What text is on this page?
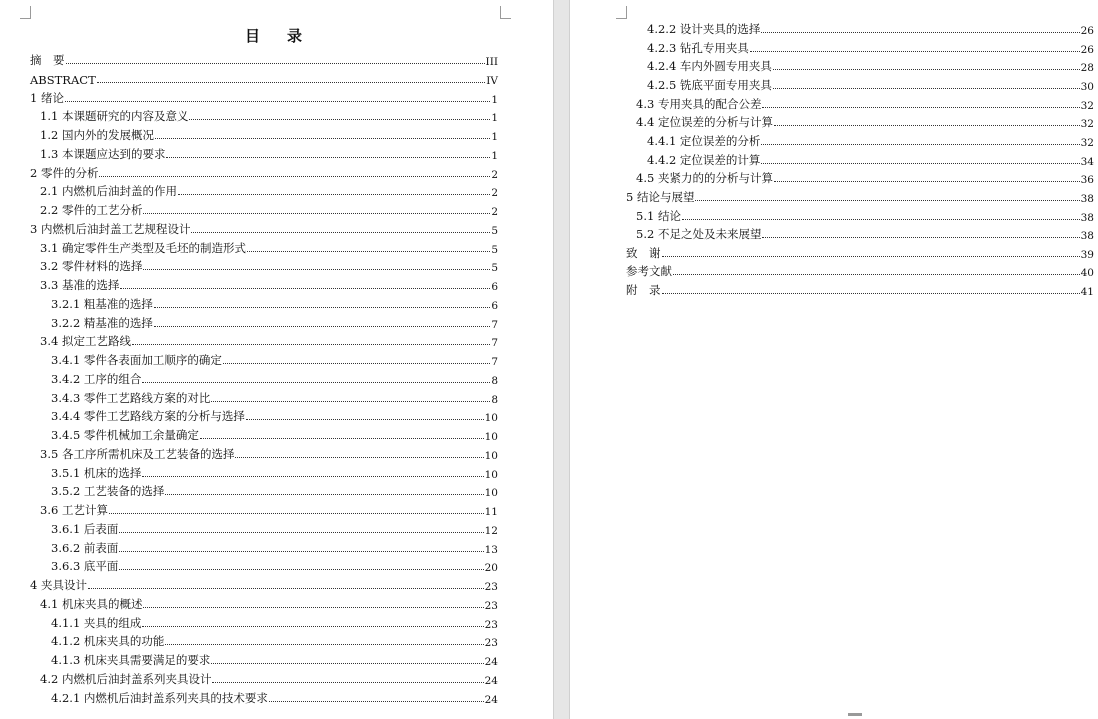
目　录
摘　要	III
ABSTRACT	IV
1 绪论	1
1.1 本课题研究的内容及意义	1
1.2 国内外的发展概况	1
1.3 本课题应达到的要求	1
2 零件的分析	2
2.1 内燃机后油封盖的作用	2
2.2 零件的工艺分析	2
3 内燃机后油封盖工艺规程设计	5
3.1 确定零件生产类型及毛坯的制造形式	5
3.2 零件材料的选择	5
3.3 基准的选择	6
3.2.1 粗基准的选择	6
3.2.2 精基准的选择	7
3.4 拟定工艺路线	7
3.4.1 零件各表面加工顺序的确定	7
3.4.2 工序的组合	8
3.4.3 零件工艺路线方案的对比	8
3.4.4 零件工艺路线方案的分析与选择	10
3.4.5 零件机械加工余量确定	10
3.5 各工序所需机床及工艺装备的选择	10
3.5.1 机床的选择	10
3.5.2 工艺装备的选择	10
3.6 工艺计算	11
3.6.1 后表面	12
3.6.2 前表面	13
3.6.3 底平面	20
4 夹具设计	23
4.1 机床夹具的概述	23
4.1.1 夹具的组成	23
4.1.2 机床夹具的功能	23
4.1.3 机床夹具需要满足的要求	24
4.2 内燃机后油封盖系列夹具设计	24
4.2.1 内燃机后油封盖系列夹具的技术要求	24
4.2.2 设计夹具的选择	26
4.2.3 钻孔专用夹具	26
4.2.4 车内外圆专用夹具	28
4.2.5 铣底平面专用夹具	30
4.3 专用夹具的配合公差	32
4.4 定位误差的分析与计算	32
4.4.1 定位误差的分析	32
4.4.2 定位误差的计算	34
4.5 夹紧力的的分析与计算	36
5 结论与展望	38
5.1 结论	38
5.2 不足之处及未来展望	38
致　谢	39
参考文献	40
附　录	41
